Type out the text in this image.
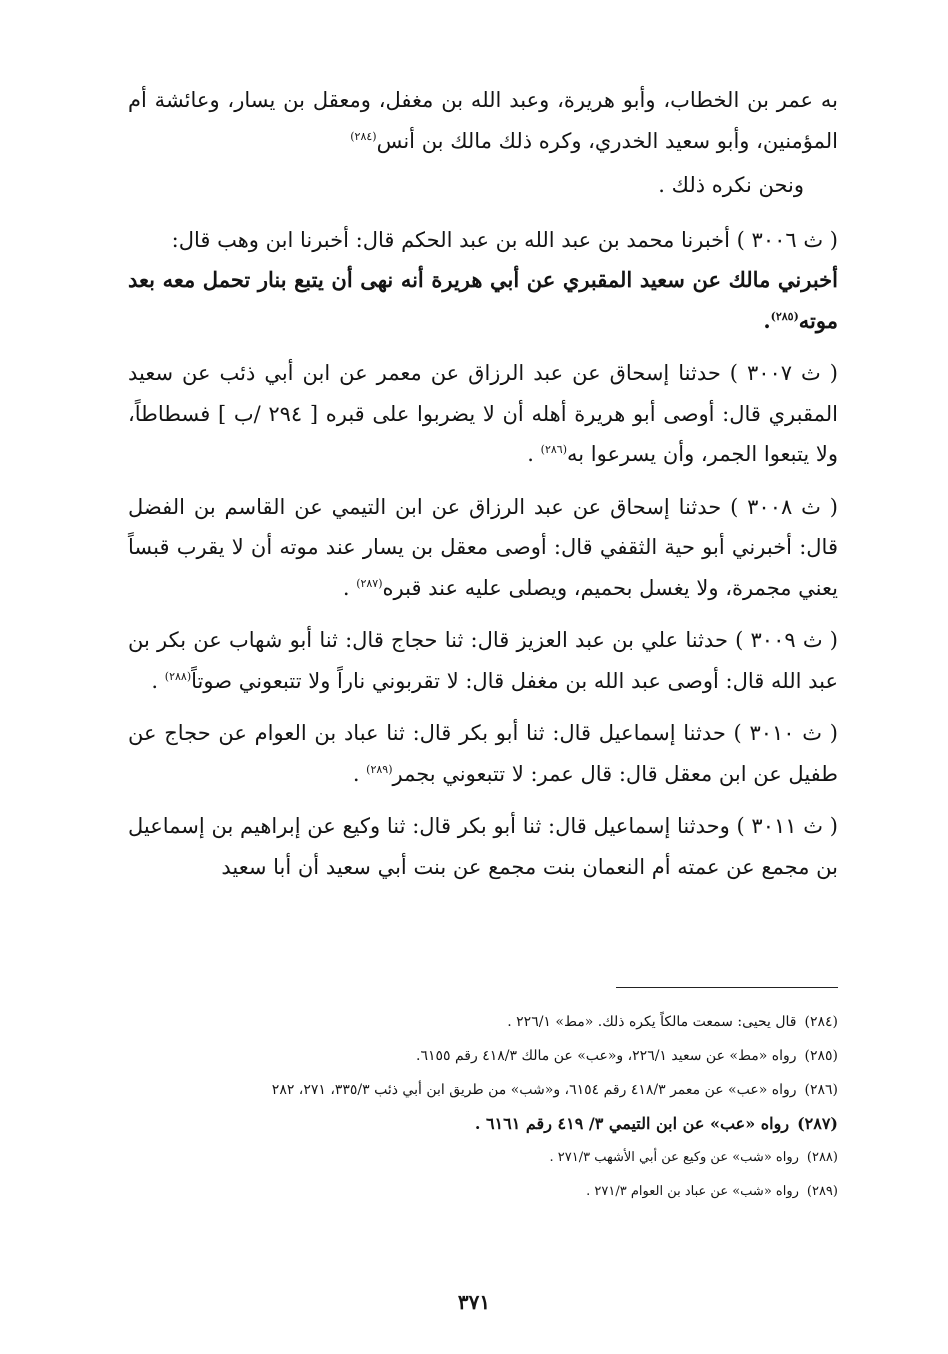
به عمر بن الخطاب، وأبو هريرة، وعبد الله بن مغفل، ومعقل بن يسار، وعائشة أم المؤمنين، وأبو سعيد الخدري، وكره ذلك مالك بن أنس$^{(٢٨٤)}$

ونحن نكره ذلك .

( ث ٣٠٠٦ ) أخبرنا محمد بن عبد الله بن عبد الحكم قال: أخبرنا ابن وهب قال:

أخبرني مالك عن سعيد المقبري عن أبي هريرة أنه نهى أن يتبع بنار تحمل معه بعد موته$^{(٢٨٥)}$.

( ث ٣٠٠٧ ) حدثنا إسحاق عن عبد الرزاق عن معمر عن ابن أبي ذئب عن سعيد المقبري قال: أوصى أبو هريرة أهله أن لا يضربوا على قبره [ ٢٩٤ /ب ] فسطاطاً، ولا يتبعوا الجمر، وأن يسرعوا به$^{(٢٨٦)}$ .

( ث ٣٠٠٨ ) حدثنا إسحاق عن عبد الرزاق عن ابن التيمي عن القاسم بن الفضل قال: أخبرني أبو حية الثقفي قال: أوصى معقل بن يسار عند موته أن لا يقرب قبساً يعني مجمرة، ولا يغسل بحميم، ويصلى عليه عند قبره$^{(٢٨٧)}$ .

( ث ٣٠٠٩ ) حدثنا علي بن عبد العزيز قال: ثنا حجاج قال: ثنا أبو شهاب عن بكر بن عبد الله قال: أوصى عبد الله بن مغفل قال: لا تقربوني ناراً ولا تتبعوني صوتاً$^{(٢٨٨)}$ .

( ث ٣٠١٠ ) حدثنا إسماعيل قال: ثنا أبو بكر قال: ثنا عباد بن العوام عن حجاج عن طفيل عن ابن معقل قال: قال عمر: لا تتبعوني بجمر$^{(٢٨٩)}$ .

( ث ٣٠١١ ) وحدثنا إسماعيل قال: ثنا أبو بكر قال: ثنا وكيع عن إبراهيم بن إسماعيل بن مجمع عن عمته أم النعمان بنت مجمع عن بنت أبي سعيد أن أبا سعيد

(٢٨٤)قال يحيى: سمعت مالكاً يكره ذلك. «مط» ٢٢٦/١ .
(٢٨٥)رواه «مط» عن سعيد ٢٢٦/١، و«عب» عن مالك ٤١٨/٣ رقم ٦١٥٥.
(٢٨٦)رواه «عب» عن معمر ٤١٨/٣ رقم ٦١٥٤، و«شب» من طريق ابن أبي ذئب ٣٣٥/٣، ٢٧١، ٢٨٢
(٢٨٧)رواه «عب» عن ابن التيمي ٣/ ٤١٩ رقم ٦١٦١ .
(٢٨٨)رواه «شب» عن وكيع عن أبي الأشهب ٢٧١/٣ .
(٢٨٩)رواه «شب» عن عباد بن العوام ٢٧١/٣ .
٣٧١
